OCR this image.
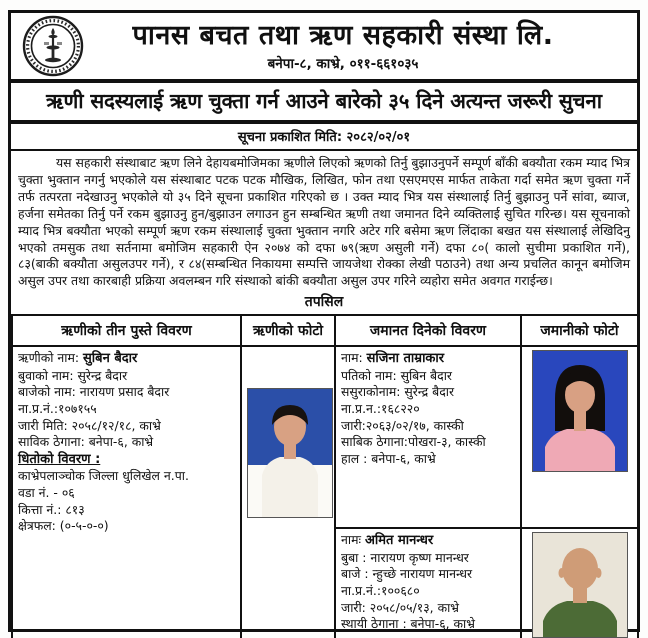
पानस बचत तथा ऋण सहकारी संस्था लि.
बनेपा-८, काभ्रे, ०११-६६१०३५
ऋणी सदस्यलाई ऋण चुक्ता गर्न आउने बारेको ३५ दिने अत्यन्त जरूरी सुचना
सूचना प्रकाशित मिति: २०८२/०२/०१

यस सहकारी संस्थाबाट ऋण लिने देहायबमोजिमका ऋणीले लिएको ऋणको तिर्नु बुझाउनुपर्ने सम्पूर्ण बाँकी बक्यौता रकम म्याद भित्र चुक्ता भुक्तान नगर्नु भएकोले यस संस्थाबाट पटक पटक मौखिक, लिखित, फोन तथा एसएमएस मार्फत ताकेता गर्दा समेत ऋण चुक्ता गर्ने तर्फ तत्परता नदेखाउनु भएकोले यो ३५ दिने सूचना प्रकाशित गरिएको छ । उक्त म्याद भित्र यस संस्थालाई तिर्नु बुझाउनु पर्ने सांवा, ब्याज, हर्जना समेतका तिर्नु पर्ने रकम बुझाउनु हुन/बुझाउन लगाउन हुन सम्बन्धित ऋणी तथा जमानत दिने व्यक्तिलाई सुचित गरिन्छ। यस सूचनाको म्याद भित्र बक्यौता भएको सम्पूर्ण ऋण रकम संस्थालाई चुक्ता भुक्तान नगरि अटेर गरि बसेमा ऋण लिंदाका बखत यस संस्थालाई लेखिदिनु भएको तमसुक तथा सर्तनामा बमोजिम सहकारी ऐन २०७४ को दफा ७९(ऋण असुली गर्ने) दफा ८०( कालो सुचीमा प्रकाशित गर्ने), ८३(बाकी बक्यौता असुलउपर गर्ने), र ८४(सम्बन्धित निकायमा सम्पत्ति जायजेथा रोक्का लेखी पठाउने) तथा अन्य प्रचलित कानून बमोजिम असुल उपर तथा कारबाही प्रक्रिया अवलम्बन गरि संस्थाको बांकी बक्यौता असुल उपर गरिने व्यहोरा समेत अवगत गराईन्छ।

तपसिल
ऋणीको तीन पुस्ते विवरण	ऋणीको फोटो	जमानत दिनेको विवरण	जमानीको फोटो

ऋणीको नाम: सुबिन बैदार
बुवाको नाम: सुरेन्द्र बैदार
बाजेको नाम: नारायण प्रसाद बैदार
ना.प्र.नं.:१०७१५५
जारी मिति: २०५८/१२/१८, काभ्रे
साविक ठेगाना: बनेपा-६, काभ्रे
धितोको विवरण :
काभ्रेपलाञ्चोक जिल्ला धुलिखेल न.पा.
वडा नं. - ०६
कित्ता नं.: ८१३
क्षेत्रफल: (०-५-०-०)

नाम: सजिना ताम्राकार
पतिको नाम: सुबिन बैदार
ससुराकोनाम: सुरेन्द्र बैदार
ना.प्र.न.:१६८२२०
जारी:२०६३/०२/१७, कास्की
साबिक ठेगाना:पोखरा-३, कास्की
हाल : बनेपा-६, काभ्रे

नामः अमित मानन्धर
बुबा : नारायण कृष्ण मानन्धर
बाजे : न्हुच्छे नारायण मानन्धर
ना.प्र.नं.:१००६८०
जारी: २०५८/०५/१३, काभ्रे
स्थायी ठेगाना : बनेपा-६, काभ्रे
